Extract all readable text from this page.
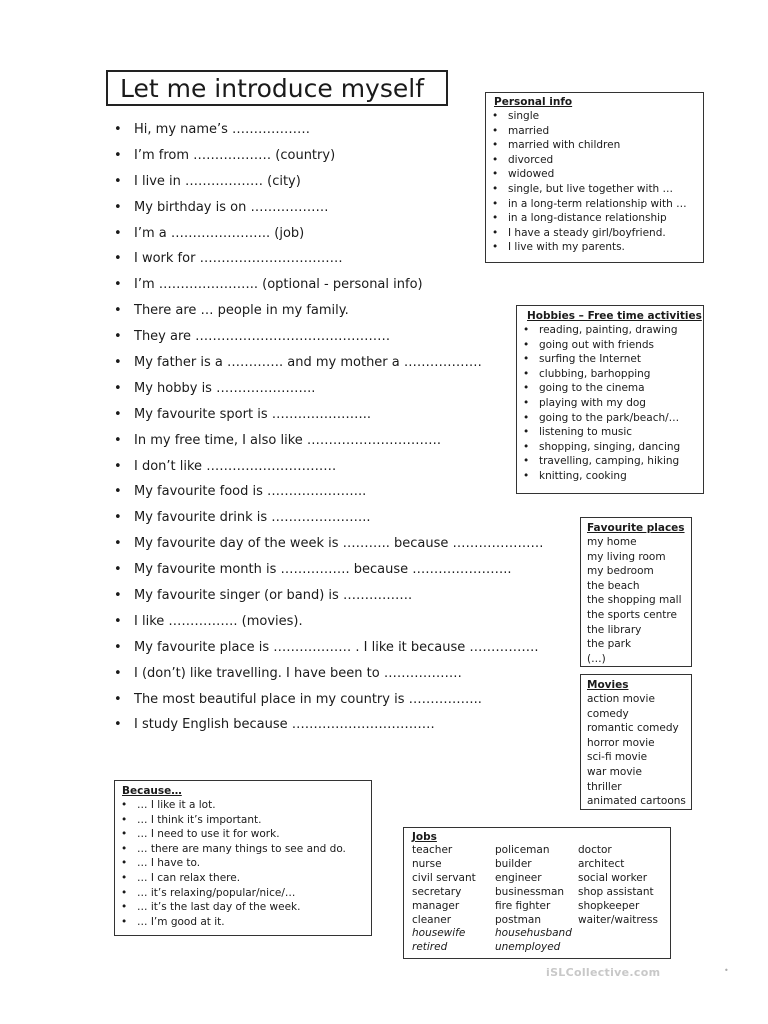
Let me introduce myself
• Hi, my name’s ………………
• I’m from ……………… (country)
• I live in ……………… (city)
• My birthday is on ………………
• I’m a ………………….. (job)
• I work for ……………………………
• I’m ………………….. (optional - personal info)
• There are … people in my family.
• They are ………………………………………
• My father is a …………. and my mother a ………………
• My hobby is …………………..
• My favourite sport is …………………..
• In my free time, I also like ………………………….
• I don’t like …………………………
• My favourite food is …………………..
• My favourite drink is …………………..
• My favourite day of the week is ……….. because …………………
• My favourite month is ……………. because …………………..
• My favourite singer (or band) is …………….
• I like ……………. (movies).
• My favourite place is ……………… . I like it because …………….
• I (don’t) like travelling. I have been to ………………
• The most beautiful place in my country is ……………..
• I study English because ……………………………
Personal info
• single
• married
• married with children
• divorced
• widowed
• single, but live together with …
• in a long-term relationship with …
• in a long-distance relationship
• I have a steady girl/boyfriend.
• I live with my parents.
Hobbies – Free time activities
• reading, painting, drawing
• going out with friends
• surfing the Internet
• clubbing, barhopping
• going to the cinema
• playing with my dog
• going to the park/beach/…
• listening to music
• shopping, singing, dancing
• travelling, camping, hiking
• knitting, cooking
Favourite places
my home
my living room
my bedroom
the beach
the shopping mall
the sports centre
the library
the park
(…)
Movies
action movie
comedy
romantic comedy
horror movie
sci-fi movie
war movie
thriller
animated cartoons
Because…
• … I like it a lot.
• … I think it’s important.
• … I need to use it for work.
• … there are many things to see and do.
• … I have to.
• … I can relax there.
• … it’s relaxing/popular/nice/…
• … it’s the last day of the week.
• … I’m good at it.
Jobs
teacher
nurse
civil servant
secretary
manager
cleaner
housewife
retired
policeman
builder
engineer
businessman
fire fighter
postman
househusband
unemployed
doctor
architect
social worker
shop assistant
shopkeeper
waiter/waitress
iSLCollective.com	•
